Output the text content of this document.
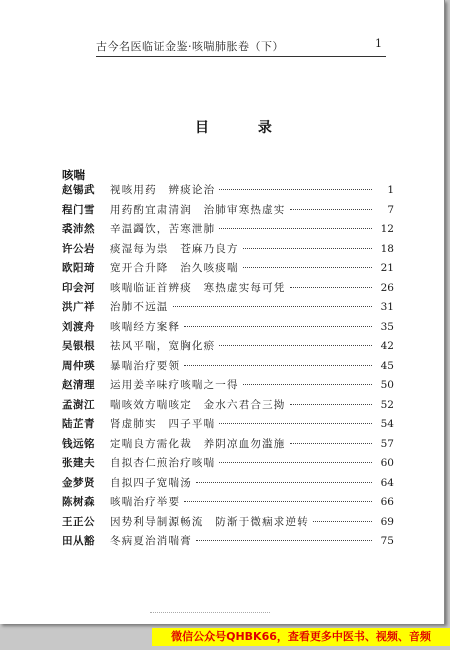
古今名医临证金鉴·咳喘肺胀卷（下）	1
目 录
咳喘
赵锡武	视咳用药　辨痰论治	1
程门雪	用药酌宜肃清润　治肺审寒热虚实	7
裘沛然	辛温蠲饮，苦寒泄肺	12
许公岩	痰湿每为祟　苍麻乃良方	18
欧阳琦	宽开合升降　治久咳痰喘	21
印会河	咳喘临证首辨痰　寒热虚实每可凭	26
洪广祥	治肺不远温	31
刘渡舟	咳喘经方案释	35
吴银根	祛风平喘，宽胸化瘀	42
周仲瑛	暴喘治疗要领	45
赵清理	运用姜辛味疗咳喘之一得	50
孟澍江	喘咳效方喘咳定　金水六君合三拗	52
陆芷青	肾虚肺实　四子平喘	54
钱远铭	定喘良方需化裁　养阴凉血勿滥施	57
张建夫	自拟杏仁煎治疗咳喘	60
金梦贤	自拟四子宽喘汤	64
陈树森	咳喘治疗举要	66
王正公	因势利导制源畅流　防渐于微痼求逆转	69
田从豁	冬病夏治消喘膏	75
微信公众号QHBK66，查看更多中医书、视频、音频
